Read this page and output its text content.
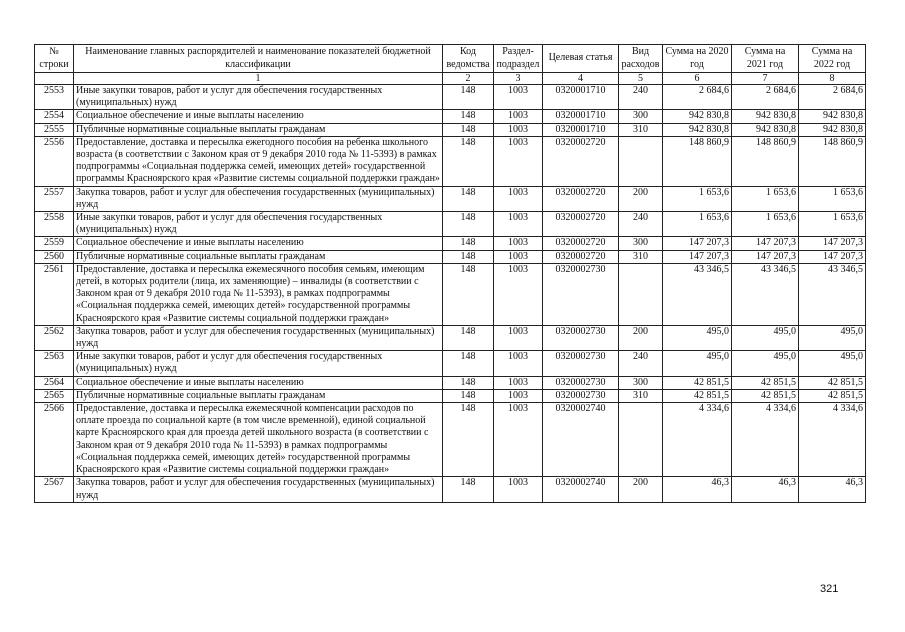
№ строки	Наименование главных распорядителей и наименование показателей бюджетной классификации	Код ведомства	Раздел-подраздел	Целевая статья	Вид расходов	Сумма на 2020 год	Сумма на 2021 год	Сумма на 2022 год
	1	2	3	4	5	6	7	8
2553	Иные закупки товаров, работ и услуг для обеспечения государственных (муниципальных) нужд	148	1003	0320001710	240	2 684,6	2 684,6	2 684,6
2554	Социальное обеспечение и иные выплаты населению	148	1003	0320001710	300	942 830,8	942 830,8	942 830,8
2555	Публичные нормативные социальные выплаты гражданам	148	1003	0320001710	310	942 830,8	942 830,8	942 830,8
2556	Предоставление, доставка и пересылка ежегодного пособия на ребенка школьного возраста (в соответствии с Законом края от 9 декабря 2010 года № 11-5393) в рамках подпрограммы «Социальная поддержка семей, имеющих детей» государственной программы Красноярского края «Развитие системы социальной поддержки граждан»	148	1003	0320002720		148 860,9	148 860,9	148 860,9
2557	Закупка товаров, работ и услуг для обеспечения государственных (муниципальных) нужд	148	1003	0320002720	200	1 653,6	1 653,6	1 653,6
2558	Иные закупки товаров, работ и услуг для обеспечения государственных (муниципальных) нужд	148	1003	0320002720	240	1 653,6	1 653,6	1 653,6
2559	Социальное обеспечение и иные выплаты населению	148	1003	0320002720	300	147 207,3	147 207,3	147 207,3
2560	Публичные нормативные социальные выплаты гражданам	148	1003	0320002720	310	147 207,3	147 207,3	147 207,3
2561	Предоставление, доставка и пересылка ежемесячного пособия семьям, имеющим детей, в которых родители (лица, их заменяющие) – инвалиды (в соответствии с Законом края от 9 декабря 2010 года № 11-5393), в рамках подпрограммы «Социальная поддержка семей, имеющих детей» государственной программы Красноярского края «Развитие системы социальной поддержки граждан»	148	1003	0320002730		43 346,5	43 346,5	43 346,5
2562	Закупка товаров, работ и услуг для обеспечения государственных (муниципальных) нужд	148	1003	0320002730	200	495,0	495,0	495,0
2563	Иные закупки товаров, работ и услуг для обеспечения государственных (муниципальных) нужд	148	1003	0320002730	240	495,0	495,0	495,0
2564	Социальное обеспечение и иные выплаты населению	148	1003	0320002730	300	42 851,5	42 851,5	42 851,5
2565	Публичные нормативные социальные выплаты гражданам	148	1003	0320002730	310	42 851,5	42 851,5	42 851,5
2566	Предоставление, доставка и пересылка ежемесячной компенсации расходов по оплате проезда по социальной карте (в том числе временной), единой социальной карте Красноярского края для проезда детей школьного возраста (в соответствии с Законом края от 9 декабря 2010 года № 11-5393) в рамках подпрограммы «Социальная поддержка семей, имеющих детей» государственной программы Красноярского края «Развитие системы социальной поддержки граждан»	148	1003	0320002740		4 334,6	4 334,6	4 334,6
2567	Закупка товаров, работ и услуг для обеспечения государственных (муниципальных) нужд	148	1003	0320002740	200	46,3	46,3	46,3
321
